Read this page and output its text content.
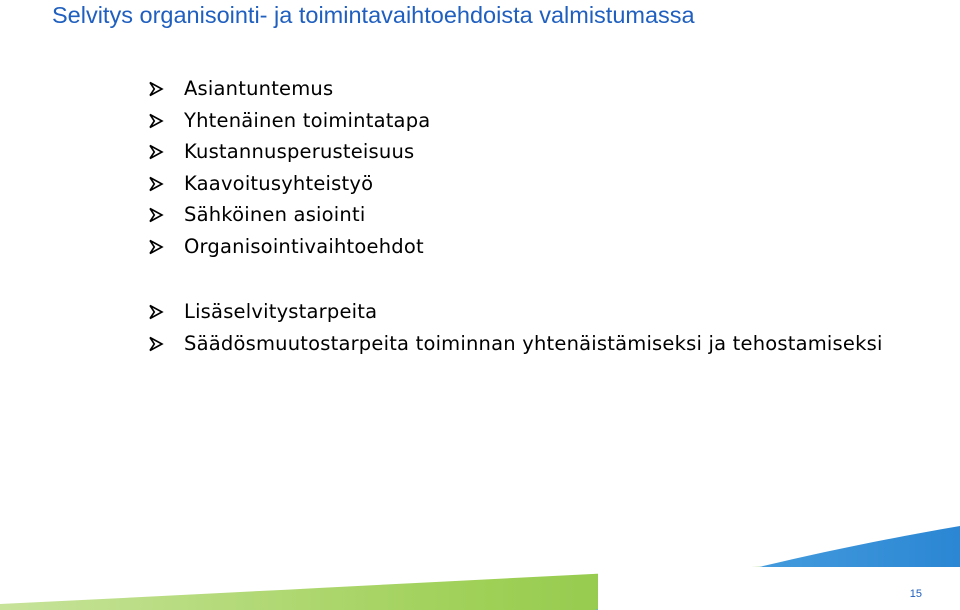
Selvitys organisointi- ja toimintavaihtoehdoista valmistumassa
Asiantuntemus
Yhtenäinen toimintatapa
Kustannusperusteisuus
Kaavoitusyhteistyö
Sähköinen asiointi
Organisointivaihtoehdot
Lisäselvitystarpeita
Säädösmuutostarpeita toiminnan yhtenäistämiseksi ja tehostamiseksi
15
